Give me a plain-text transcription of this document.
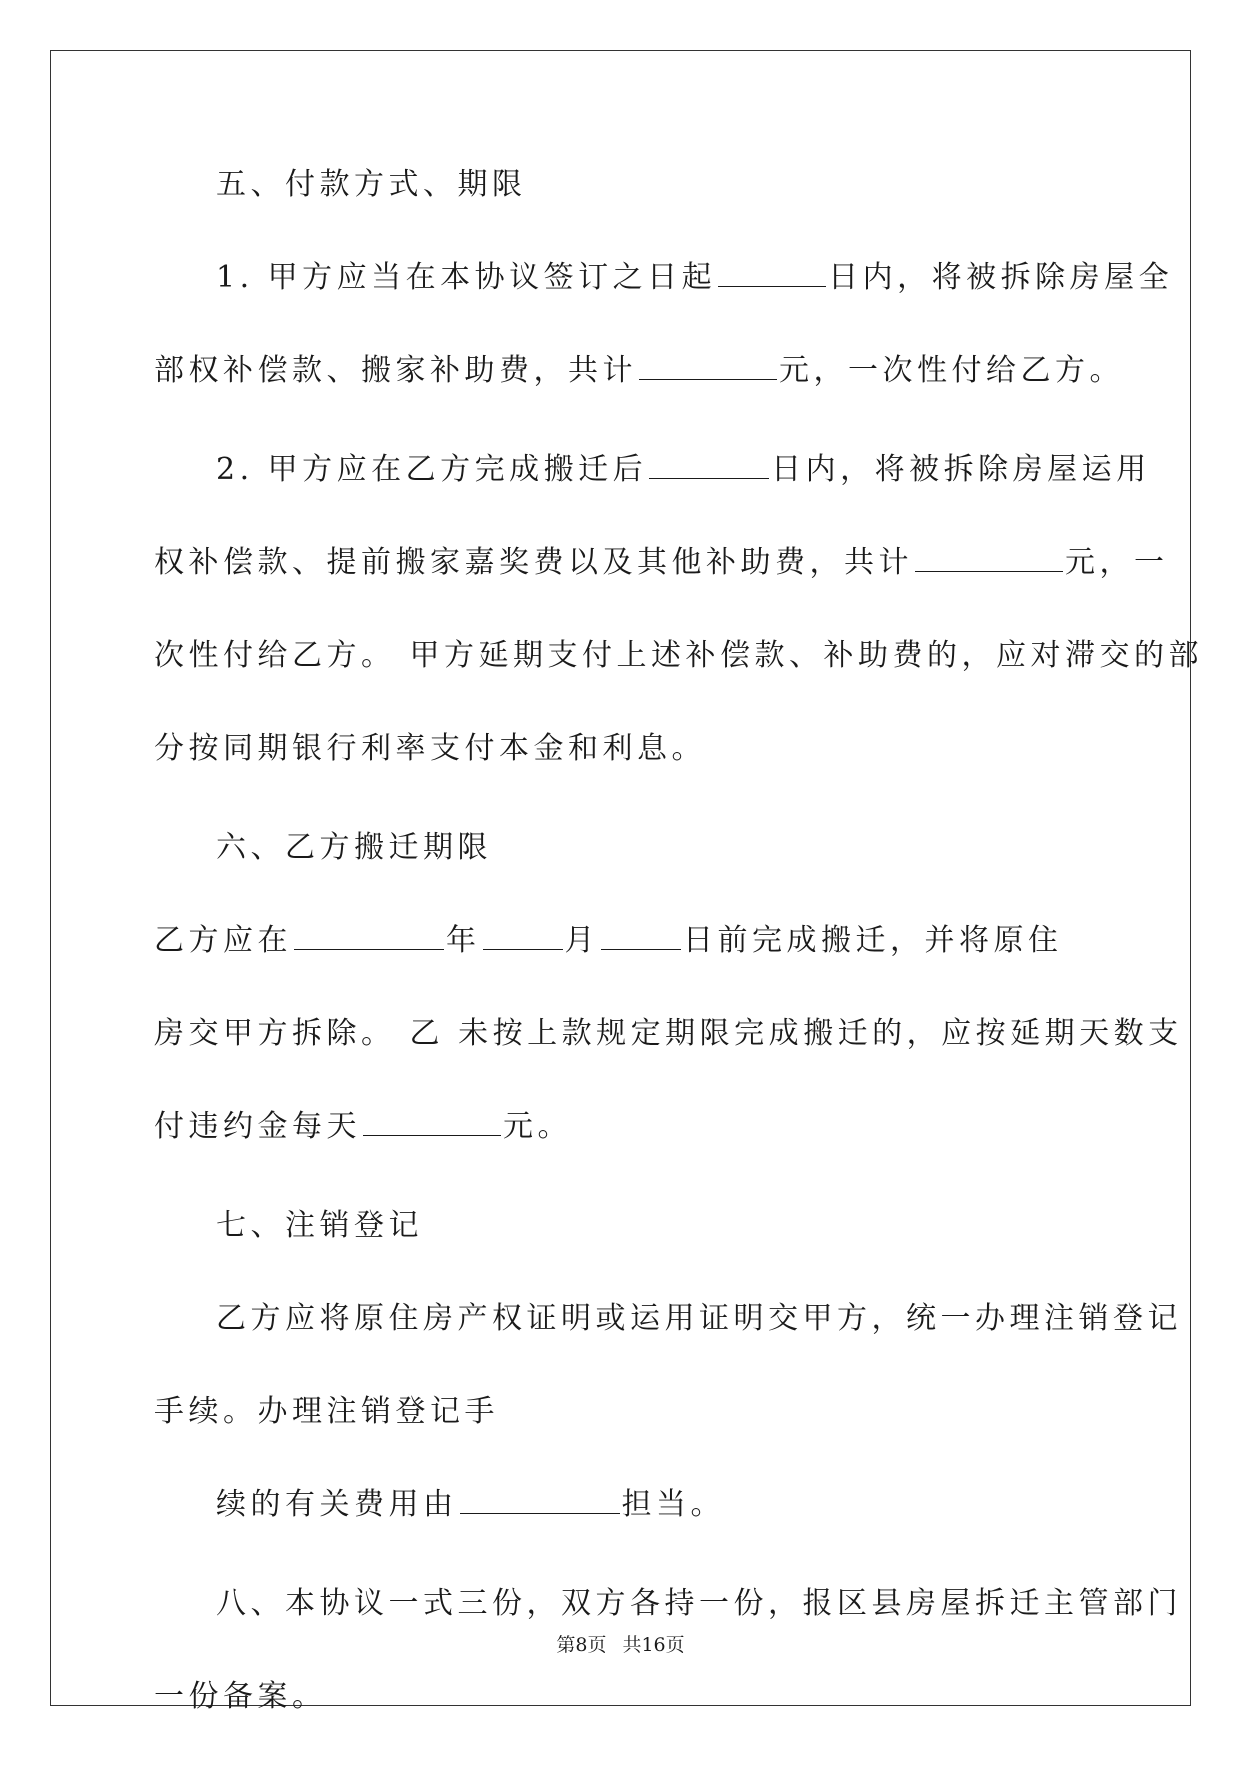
五、付款方式、期限
1. 甲方应当在本协议签订之日起	日内，将被拆除房屋全
部权补偿款、搬家补助费，共计	元，一次性付给乙方。
2. 甲方应在乙方完成搬迁后	日内，将被拆除房屋运用
权补偿款、提前搬家嘉奖费以及其他补助费，共计	元，一
次性付给乙方。 甲方延期支付上述补偿款、补助费的，应对滞交的部
分按同期银行利率支付本金和利息。
六、乙方搬迁期限
乙方应在	年	月	日前完成搬迁，并将原住
房交甲方拆除。 乙 未按上款规定期限完成搬迁的，应按延期天数支
付违约金每天	元。
七、注销登记
乙方应将原住房产权证明或运用证明交甲方，统一办理注销登记
手续。办理注销登记手
续的有关费用由	担当。
八、本协议一式三份，双方各持一份，报区县房屋拆迁主管部门
一份备案。
第8页 共16页
